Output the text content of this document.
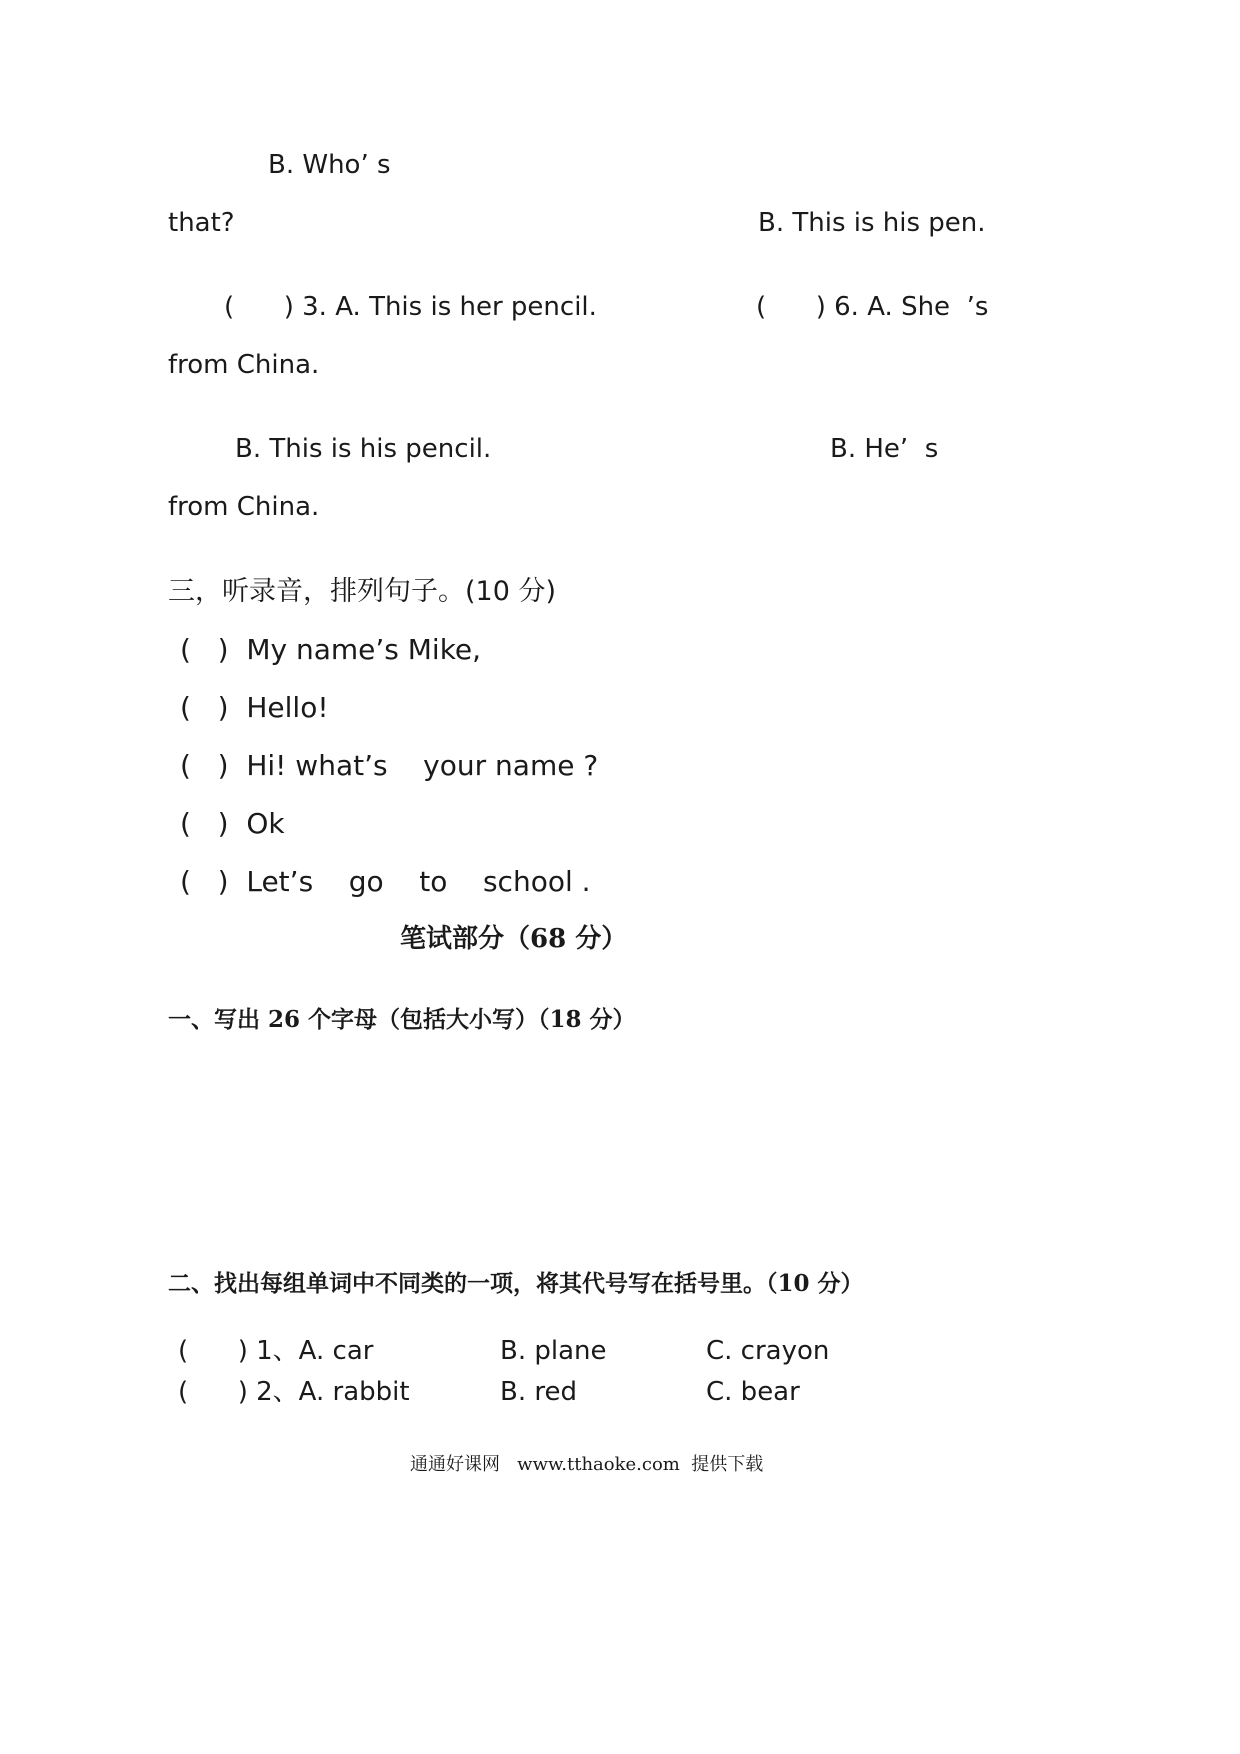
B. Who’ s
that?	B. This is his pen.
(      ) 3. A. This is her pencil.	(      ) 6. A. She  ’s
from China.
B. This is his pencil.	B. He’  s
from China.
三，听录音，排列句子。(10 分)
(   )  My name’s Mike,
(   )  Hello!
(   )  Hi! what’s    your name ?
(   )  Ok
(   )  Let’s    go    to    school .
笔试部分（68 分）
一、写出 26 个字母（包括大小写）（18 分）
二、找出每组单词中不同类的一项，将其代号写在括号里。（10 分）
(      ) 1、A. car	B. plane	C. crayon
(      ) 2、A. rabbit	B. red	C. bear
通通好课网   www.tthaoke.com  提供下载
